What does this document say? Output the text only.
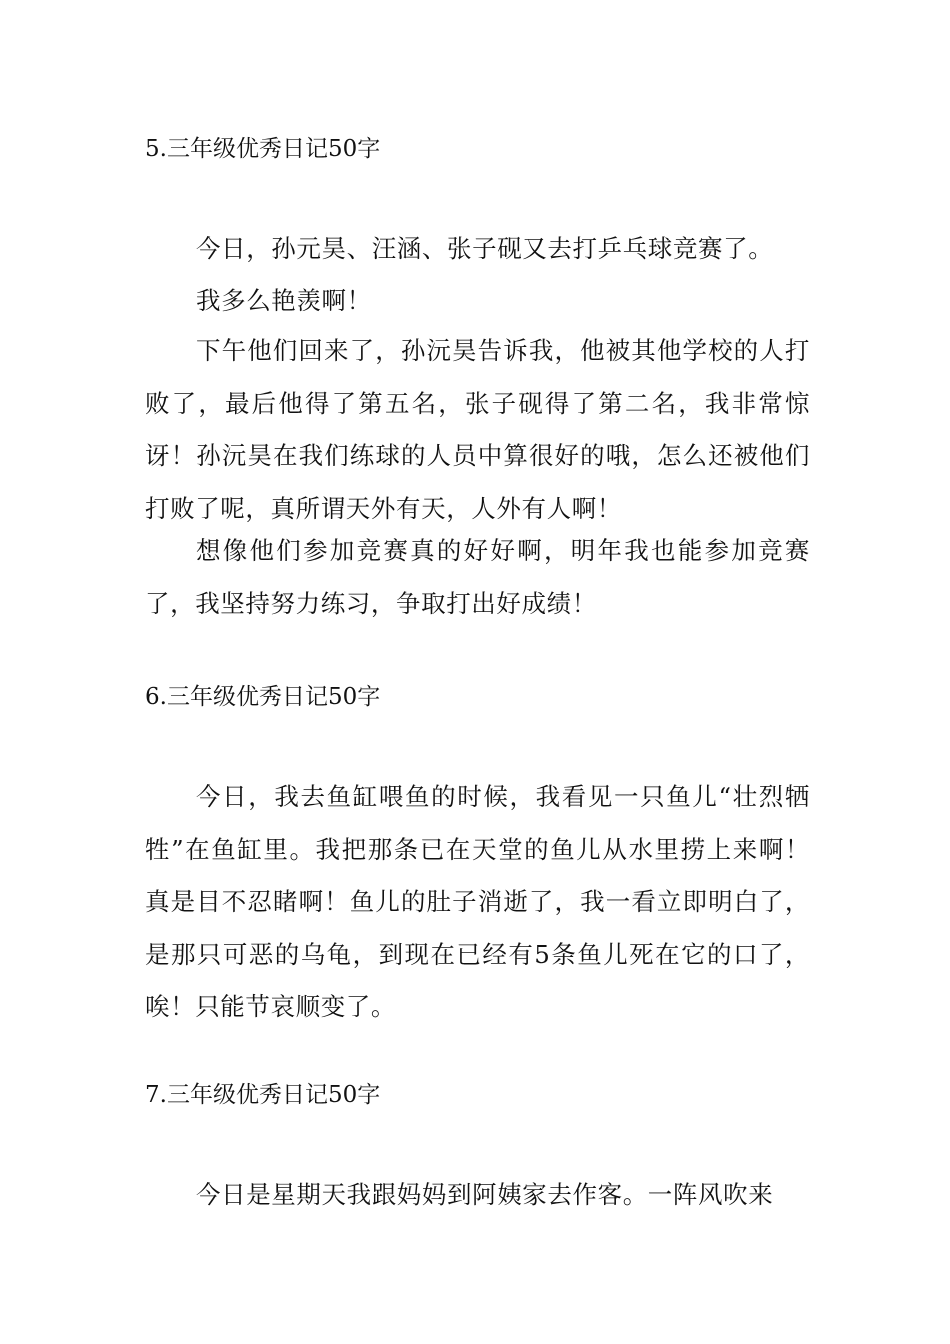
5.三年级优秀日记50字

今日，孙元昊、汪涵、张子砚又去打乒乓球竞赛了。

我多么艳羡啊！

下午他们回来了，孙沅昊告诉我，他被其他学校的人打败了，最后他得了第五名，张子砚得了第二名，我非常惊讶！孙沅昊在我们练球的人员中算很好的哦，怎么还被他们打败了呢，真所谓天外有天，人外有人啊！

想像他们参加竞赛真的好好啊，明年我也能参加竞赛了，我坚持努力练习，争取打出好成绩！

6.三年级优秀日记50字

今日，我去鱼缸喂鱼的时候，我看见一只鱼儿“壮烈牺牲”在鱼缸里。我把那条已在天堂的鱼儿从水里捞上来啊！真是目不忍睹啊！鱼儿的肚子消逝了，我一看立即明白了，是那只可恶的乌龟，到现在已经有5条鱼儿死在它的口了，唉！只能节哀顺变了。

7.三年级优秀日记50字

今日是星期天我跟妈妈到阿姨家去作客。一阵风吹来
